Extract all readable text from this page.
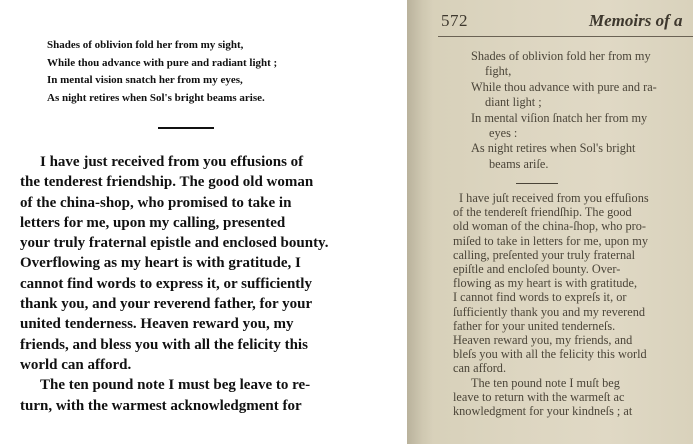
Shades of oblivion fold her from my sight,
While thou advance with pure and radiant light ;
In mental vision snatch her from my eyes,
As night retires when Sol's bright beams arise.
I have just received from you effusions of
the tenderest friendship. The good old woman
of the china-shop, who promised to take in
letters for me, upon my calling, presented
your truly fraternal epistle and enclosed bounty.
Overflowing as my heart is with gratitude, I
cannot find words to express it, or sufficiently
thank you, and your reverend father, for your
united tenderness. Heaven reward you, my
friends, and bless you with all the felicity this
world can afford.
The ten pound note I must beg leave to re-
turn, with the warmest acknowledgment for
572	Memoirs of a
Shades of oblivion fold her from my
fight,
While thou advance with pure and ra-
diant light ;
In mental viſion ſnatch her from my
eyes :
As night retires when Sol's bright
beams ariſe.
I have juſt received from you effuſions
of the tendereſt friendſhip. The good
old woman of the china-ſhop, who pro-
miſed to take in letters for me, upon my
calling, preſented your truly fraternal
epiſtle and encloſed bounty. Over-
flowing as my heart is with gratitude,
I cannot find words to expreſs it, or
ſufficiently thank you and my reverend
father for your united tenderneſs.
Heaven reward you, my friends, and
bleſs you with all the felicity this world
can afford.
The ten pound note I muſt beg
leave to return with the warmeſt ac
knowledgment for your kindneſs ; at
